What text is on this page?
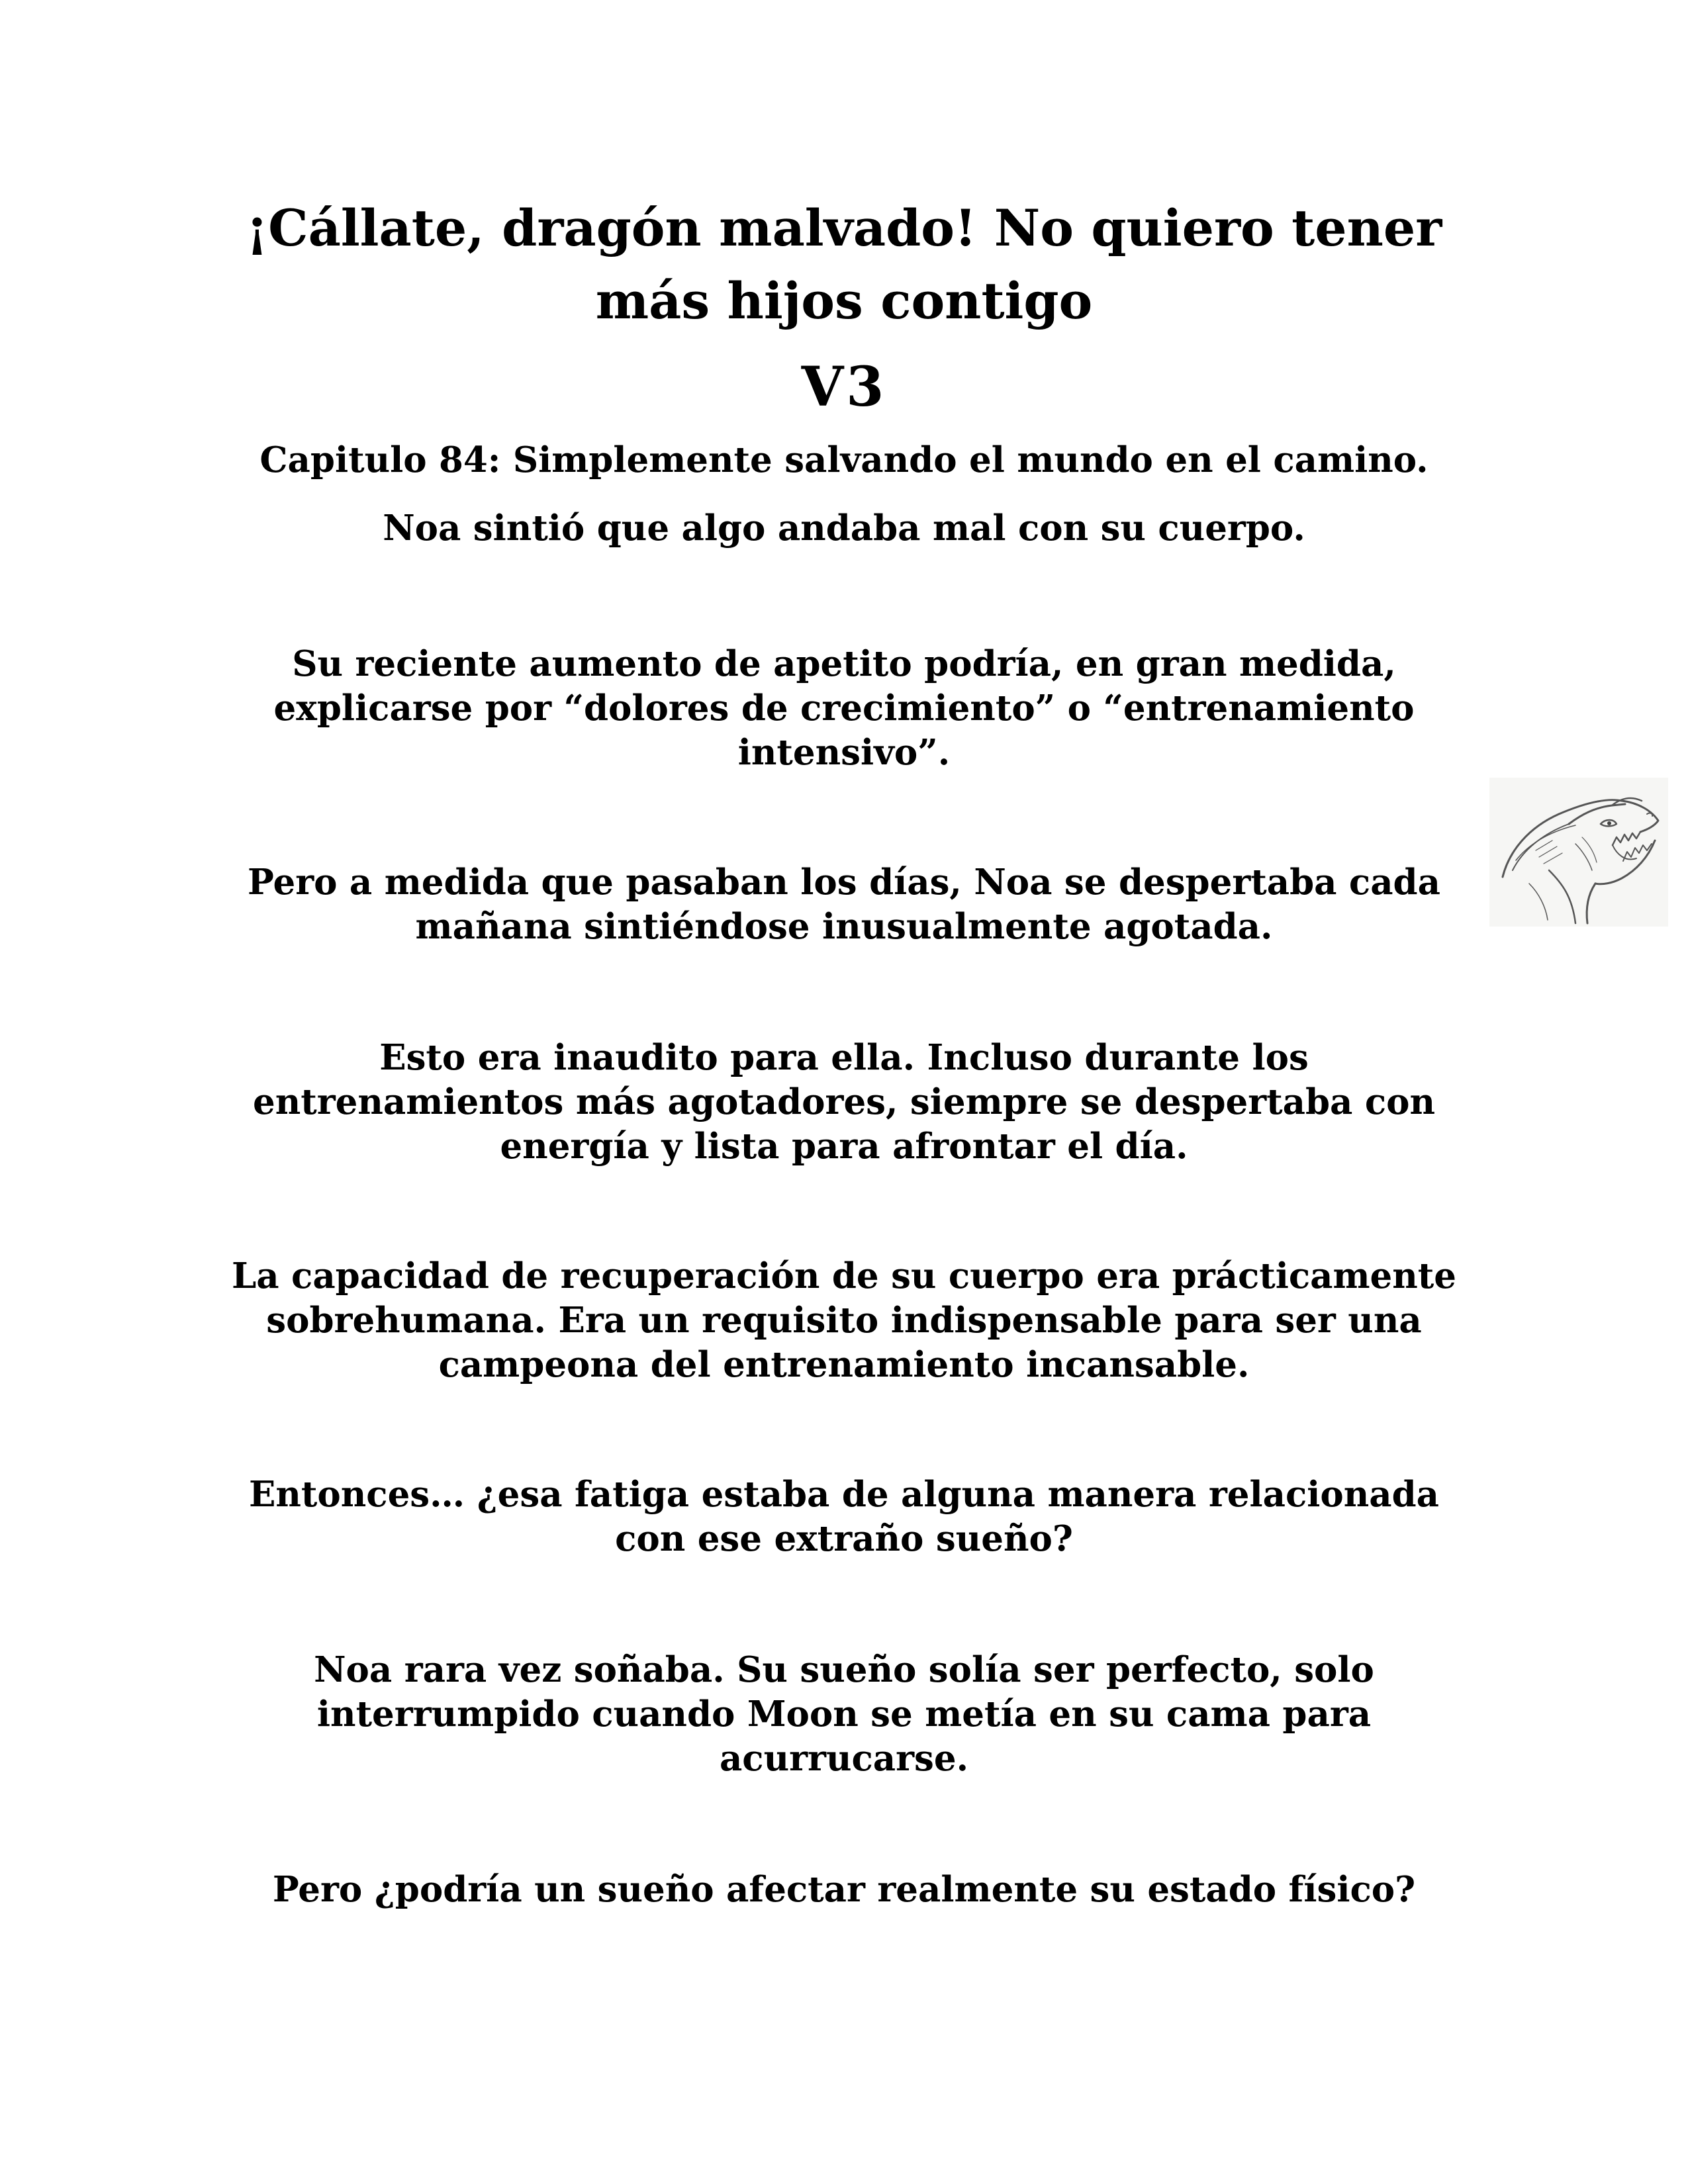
¡Cállate, dragón malvado! No quiero tener
más hijos contigo
V3
Capitulo 84: Simplemente salvando el mundo en el camino.

Noa sintió que algo andaba mal con su cuerpo.

Su reciente aumento de apetito podría, en gran medida,
explicarse por “dolores de crecimiento” o “entrenamiento
intensivo”.

Pero a medida que pasaban los días, Noa se despertaba cada
mañana sintiéndose inusualmente agotada.

Esto era inaudito para ella. Incluso durante los
entrenamientos más agotadores, siempre se despertaba con
energía y lista para afrontar el día.

La capacidad de recuperación de su cuerpo era prácticamente
sobrehumana. Era un requisito indispensable para ser una
campeona del entrenamiento incansable.

Entonces… ¿esa fatiga estaba de alguna manera relacionada
con ese extraño sueño?

Noa rara vez soñaba. Su sueño solía ser perfecto, solo
interrumpido cuando Moon se metía en su cama para
acurrucarse.

Pero ¿podría un sueño afectar realmente su estado físico?
